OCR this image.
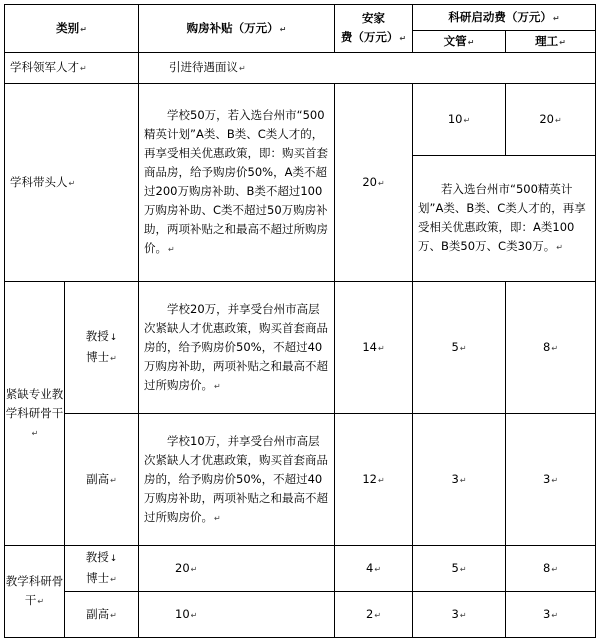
类别↵		购房补贴（万元）↵	安家
费（万元）↵	科研启动费（万元）↵	
				文管↵	理工↵
学科领军人才↵		引进待遇面议↵			
学科带头人↵		学校50万，若入选台州市“500精英计划”A类、B类、C类人才的，再享受相关优惠政策，即：购买首套商品房，给予购房价50%，A类不超过200万购房补助、B类不超过100万购房补助、C类不超过50万购房补助，两项补贴之和最高不超过所购房价。↵	20↵	10↵	20↵
				若入选台州市“500精英计划”A类、B类、C类人才的，再享受相关优惠政策，即：A类100万、B类50万、C类30万。↵	
紧缺专业教学科研骨干↵	教授↓
博士↵	学校20万，并享受台州市高层次紧缺人才优惠政策，购买首套商品房的，给予购房价50%，不超过40万购房补助，两项补贴之和最高不超过所购房价。↵	14↵	5↵	8↵
	副高↵	学校10万，并享受台州市高层次紧缺人才优惠政策，购买首套商品房的，给予购房价50%，不超过40万购房补助，两项补贴之和最高不超过所购房价。↵	12↵	3↵	3↵
教学科研骨干↵	教授↓
博士↵	20↵	4↵	5↵	8↵
	副高↵	10↵	2↵	3↵	3↵
